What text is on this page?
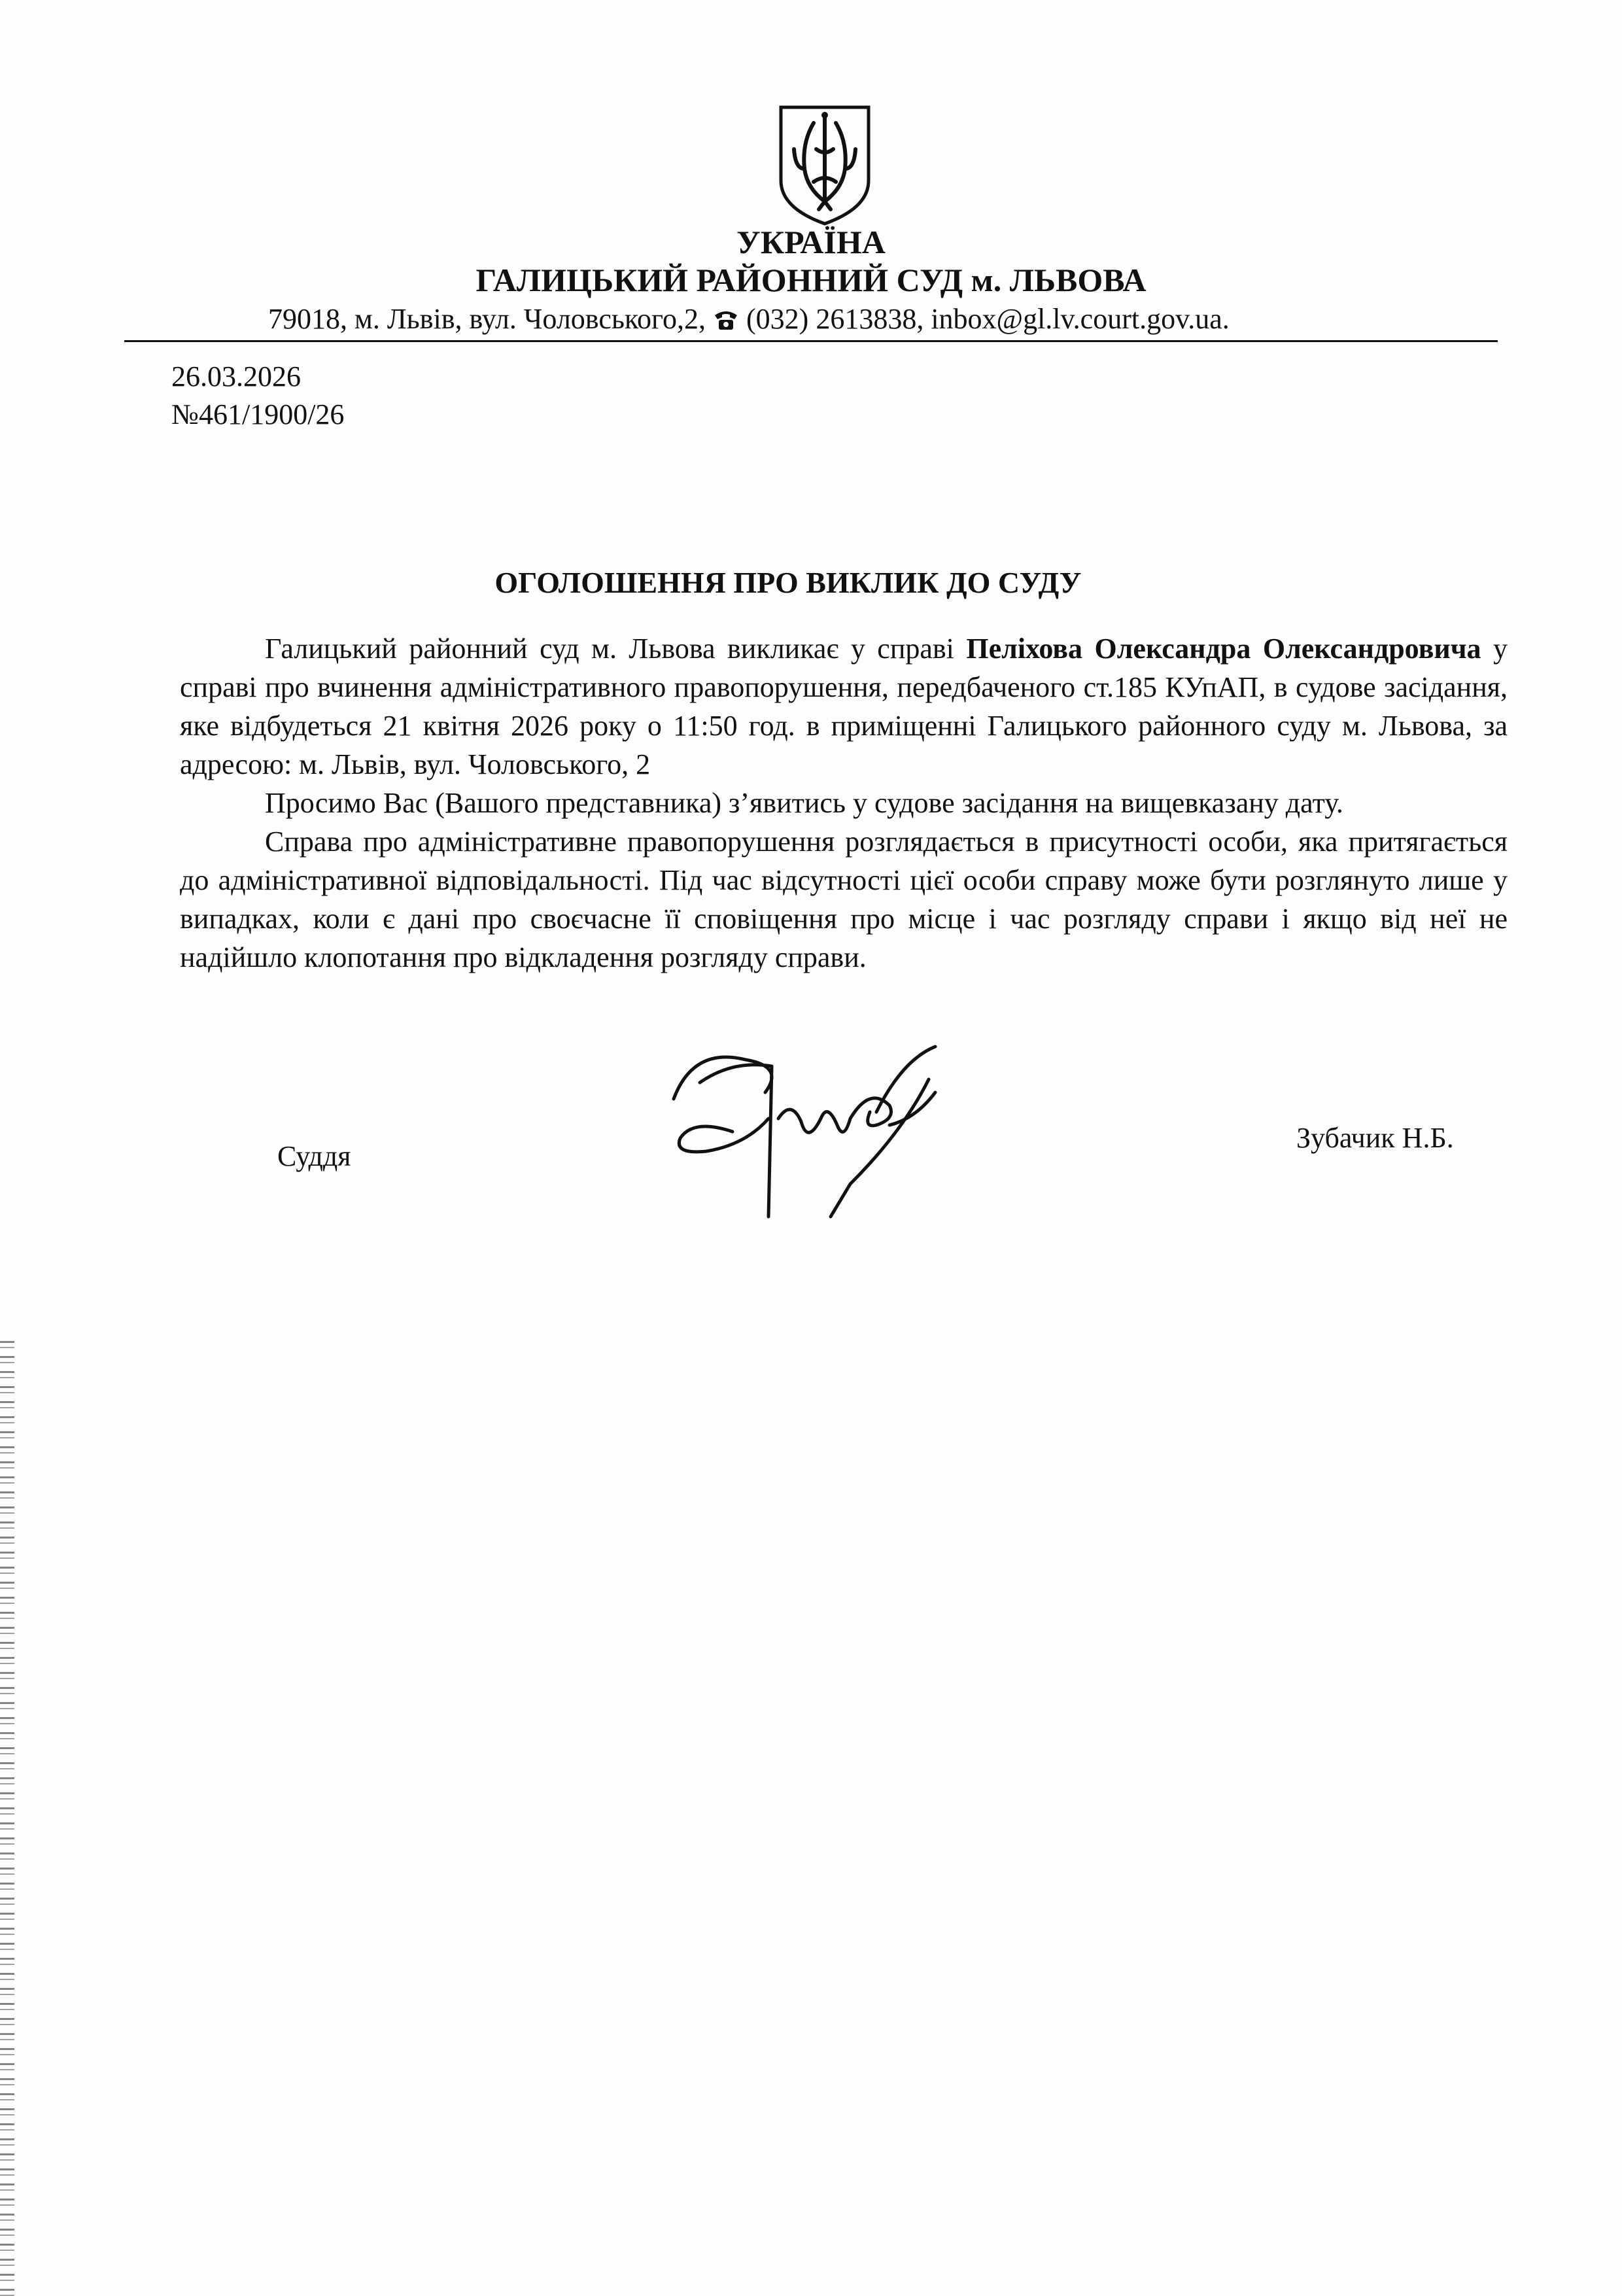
УКРАЇНА
ГАЛИЦЬКИЙ РАЙОННИЙ СУД м. ЛЬВОВА
79018, м. Львів, вул. Чоловського,2,  (032) 2613838, inbox@gl.lv.court.gov.ua.
26.03.2026
№461/1900/26
ОГОЛОШЕННЯ ПРО ВИКЛИК ДО СУДУ

Галицький районний суд м. Львова викликає у справі Пеліхова Олександра Олександровича у справі про вчинення адміністративного правопорушення, передбаченого ст.185 КУпАП, в судове засідання, яке відбудеться 21 квітня 2026 року о 11:50 год. в приміщенні Галицького районного суду м. Львова, за адресою: м. Львів, вул. Чоловського, 2

Просимо Вас (Вашого представника) з’явитись у судове засідання на вищевказану дату.

Справа про адміністративне правопорушення розглядається в присутності особи, яка притягається до адміністративної відповідальності. Під час відсутності цієї особи справу може бути розглянуто лише у випадках, коли є дані про своєчасне її сповіщення про місце і час розгляду справи і якщо від неї не надійшло клопотання про відкладення розгляду справи.

Суддя
Зубачик Н.Б.
